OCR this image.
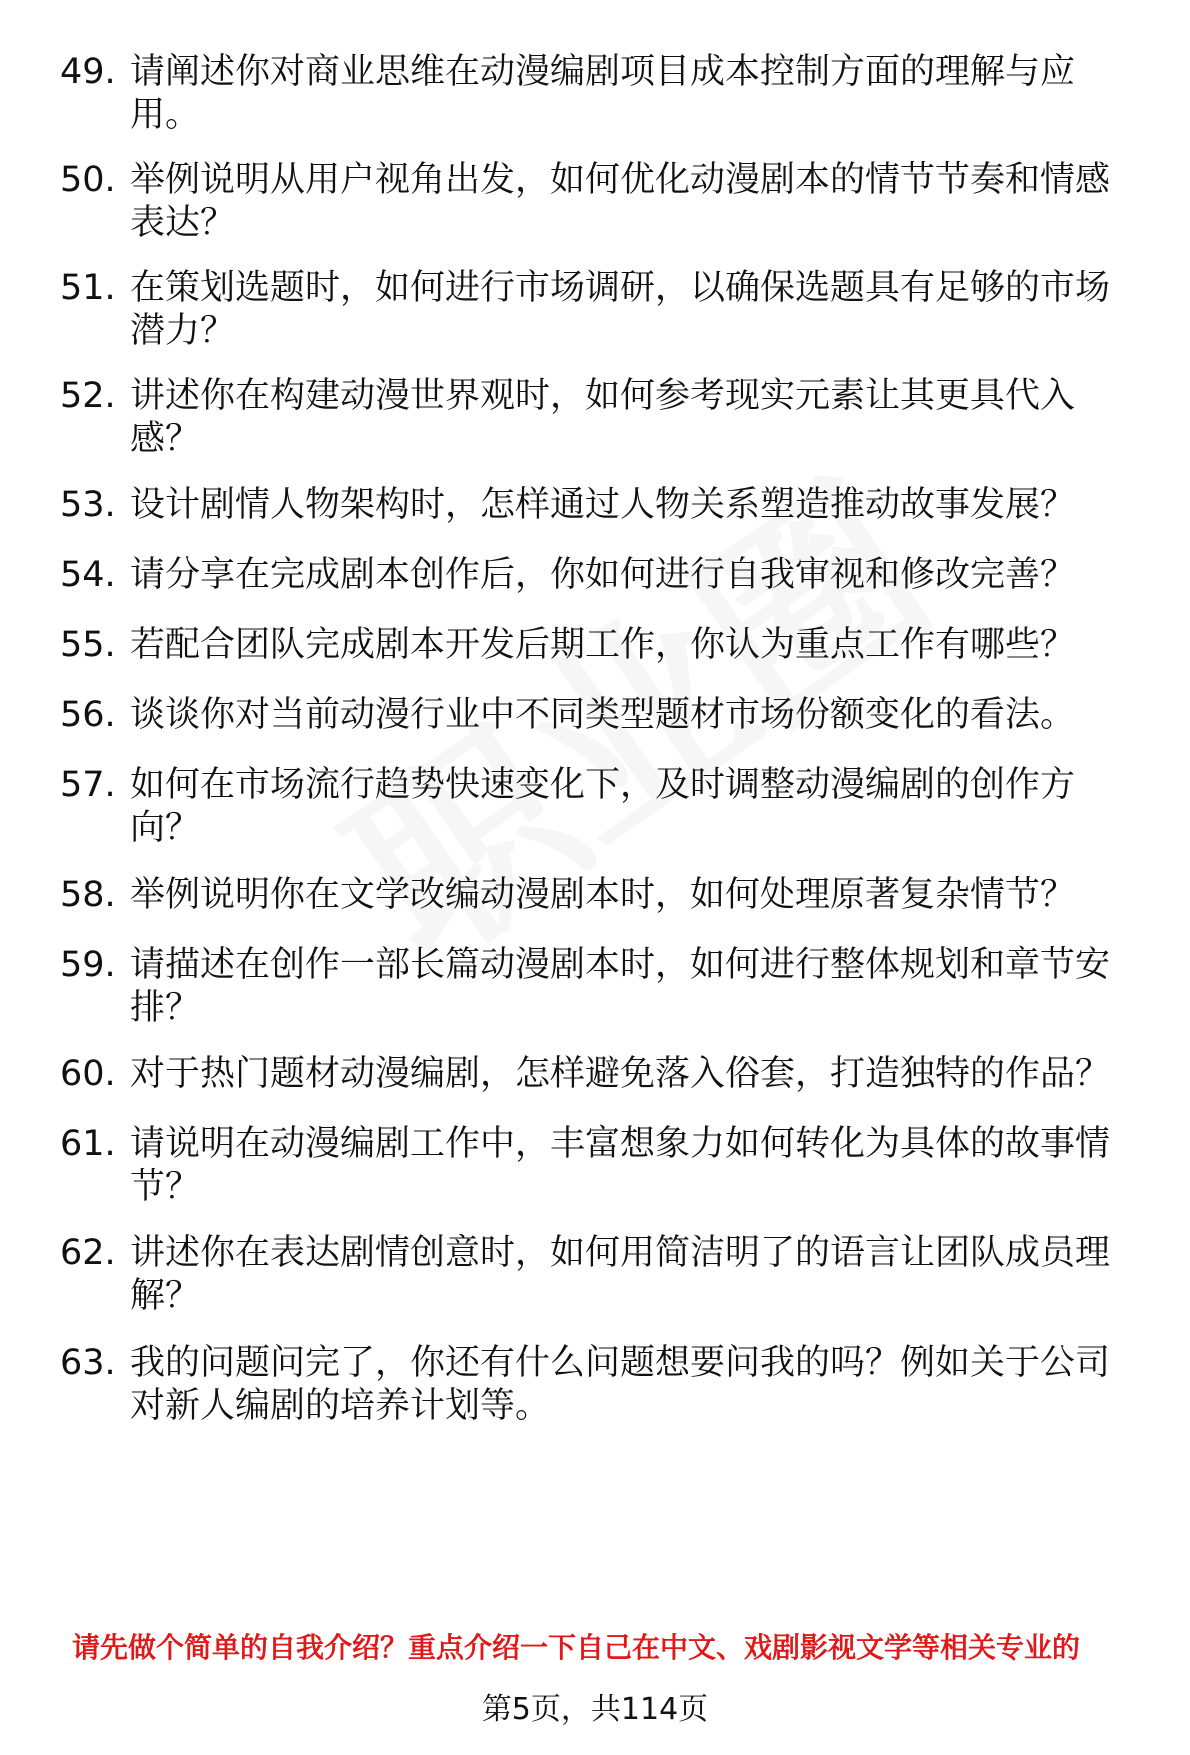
49. 请阐述你对商业思维在动漫编剧项目成本控制方面的理解与应用。
50. 举例说明从用户视角出发，如何优化动漫剧本的情节节奏和情感表达？
51. 在策划选题时，如何进行市场调研，以确保选题具有足够的市场潜力？
52. 讲述你在构建动漫世界观时，如何参考现实元素让其更具代入感？
53. 设计剧情人物架构时，怎样通过人物关系塑造推动故事发展？
54. 请分享在完成剧本创作后，你如何进行自我审视和修改完善？
55. 若配合团队完成剧本开发后期工作，你认为重点工作有哪些？
56. 谈谈你对当前动漫行业中不同类型题材市场份额变化的看法。
57. 如何在市场流行趋势快速变化下，及时调整动漫编剧的创作方向？
58. 举例说明你在文学改编动漫剧本时，如何处理原著复杂情节？
59. 请描述在创作一部长篇动漫剧本时，如何进行整体规划和章节安排？
60. 对于热门题材动漫编剧，怎样避免落入俗套，打造独特的作品？
61. 请说明在动漫编剧工作中，丰富想象力如何转化为具体的故事情节？
62. 讲述你在表达剧情创意时，如何用简洁明了的语言让团队成员理解？
63. 我的问题问完了，你还有什么问题想要问我的吗？例如关于公司对新人编剧的培养计划等。
请先做个简单的自我介绍？重点介绍一下自己在中文、戏剧影视文学等相关专业的
第5页，共114页
